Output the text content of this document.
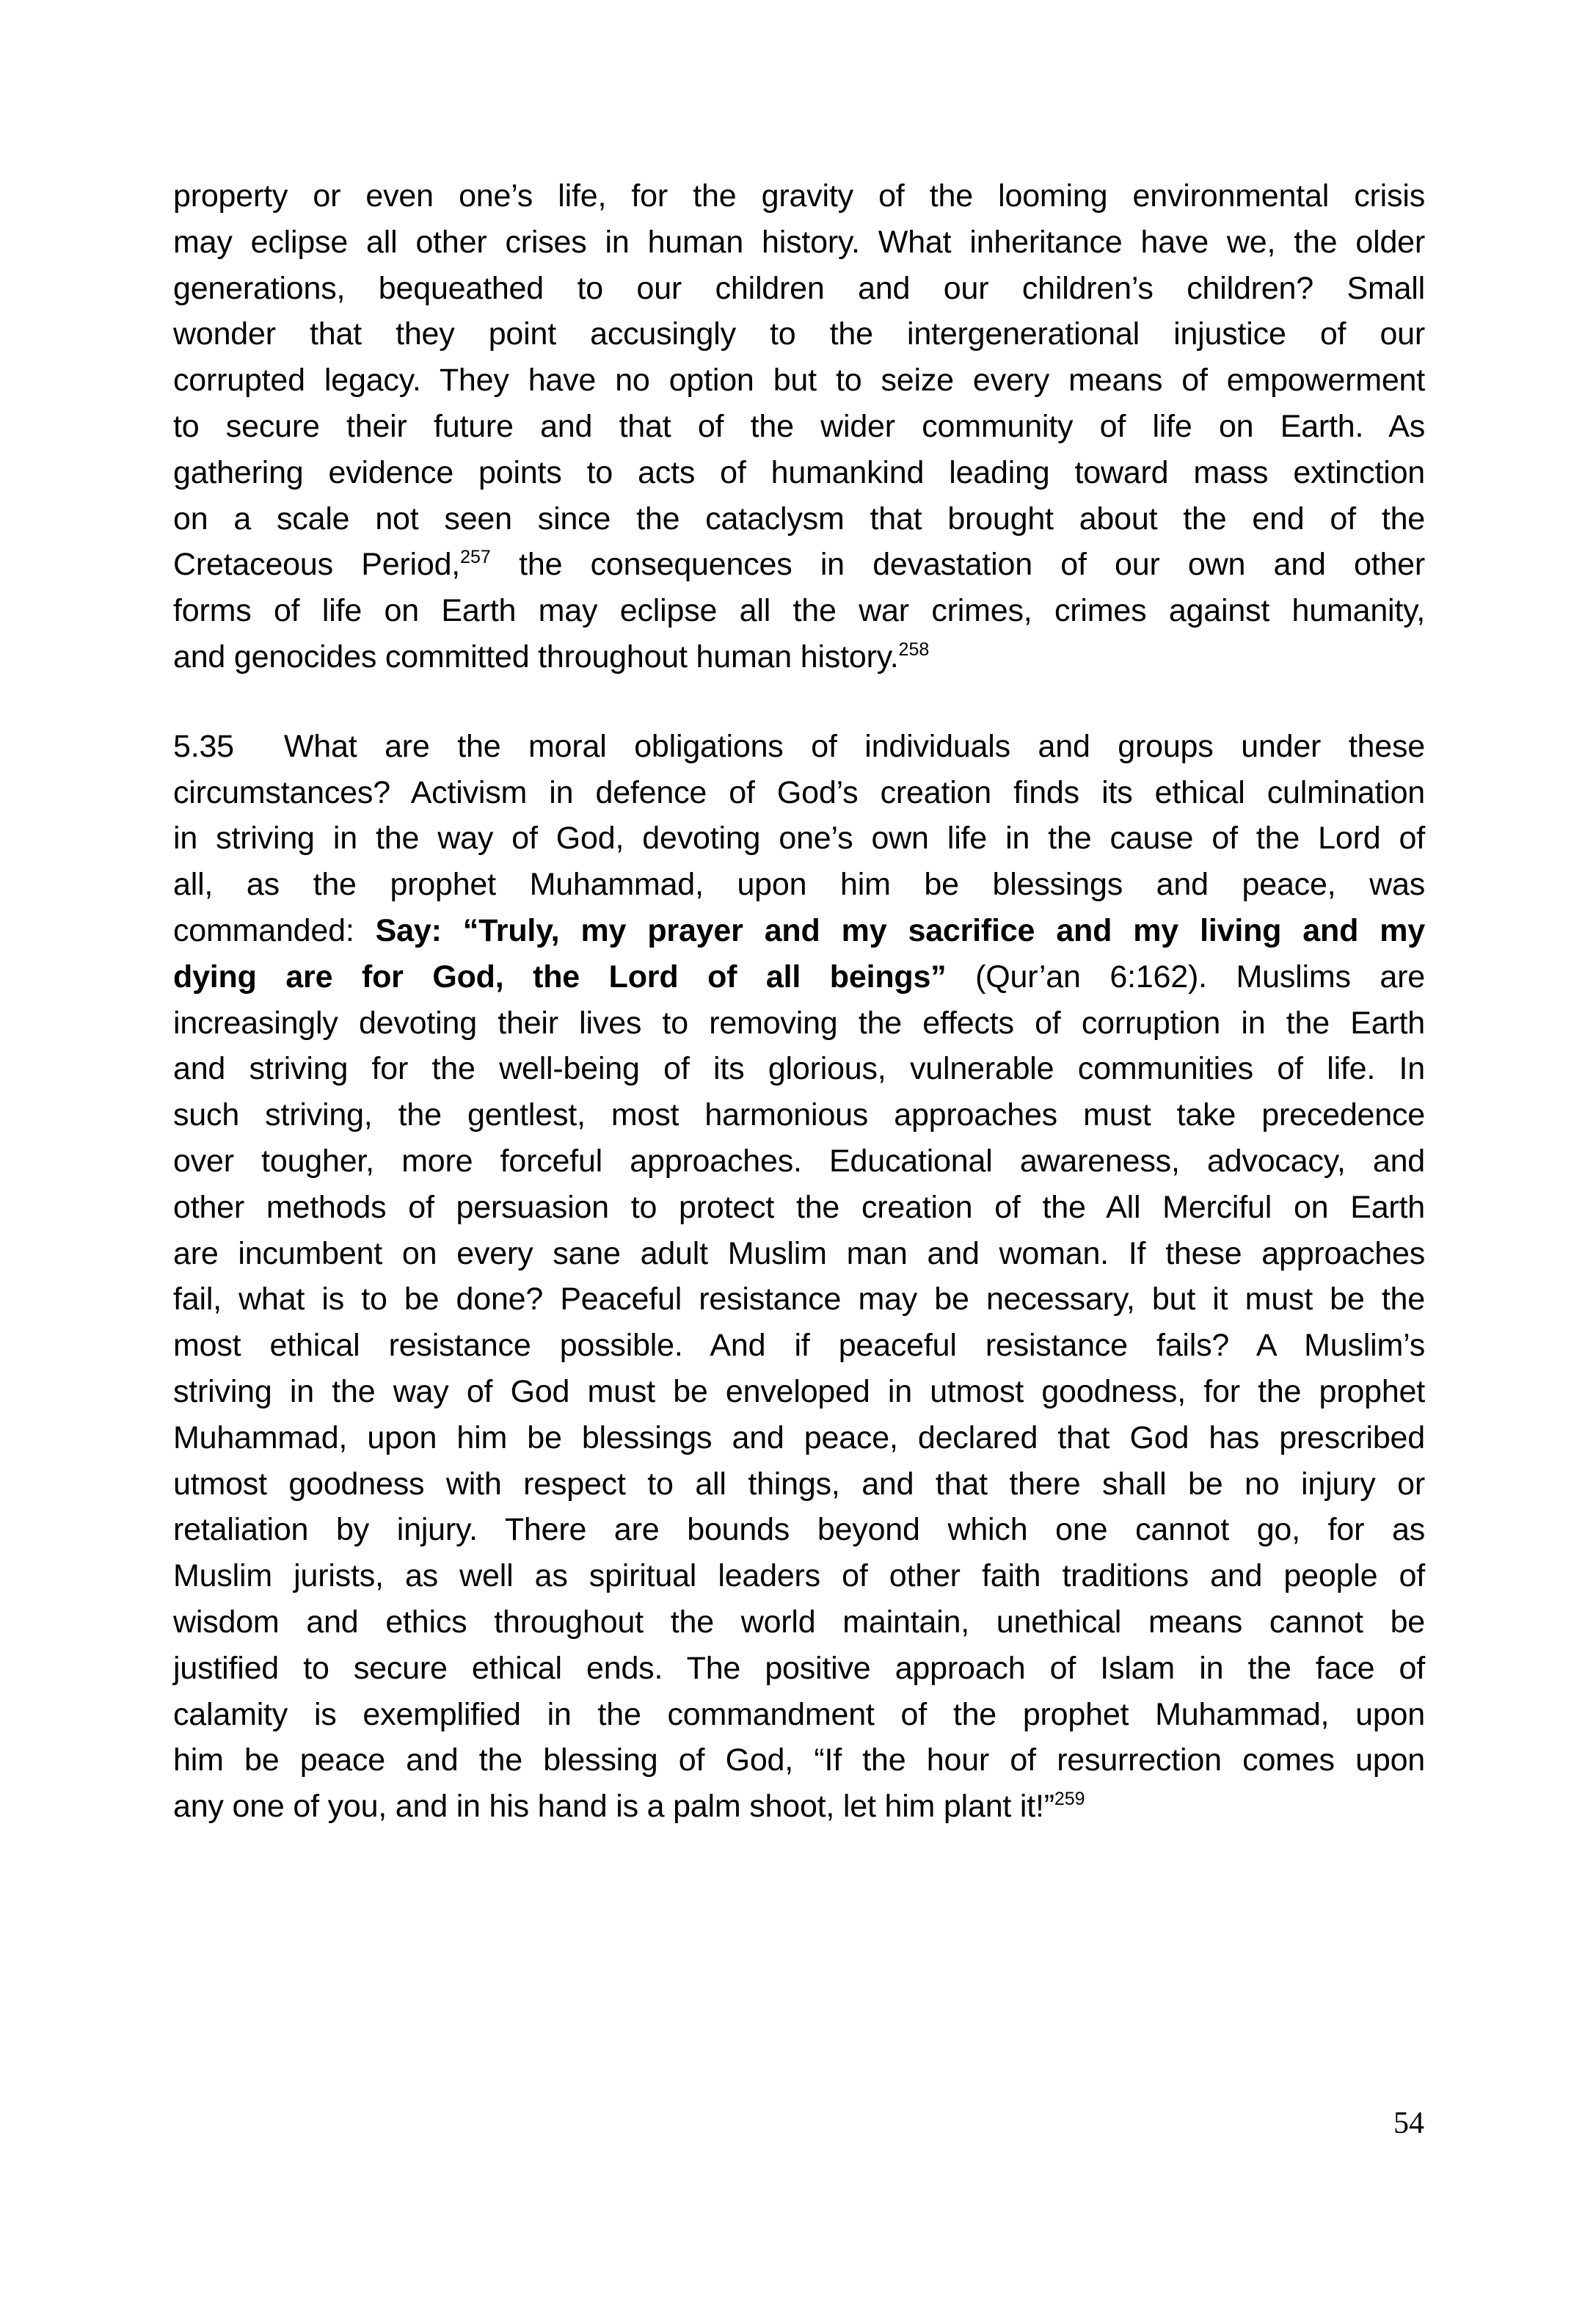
property or even one’s life, for the gravity of the looming environmental crisis
may eclipse all other crises in human history. What inheritance have we, the older
generations, bequeathed to our children and our children’s children? Small
wonder that they point accusingly to the intergenerational injustice of our
corrupted legacy. They have no option but to seize every means of empowerment
to secure their future and that of the wider community of life on Earth. As
gathering evidence points to acts of humankind leading toward mass extinction
on a scale not seen since the cataclysm that brought about the end of the
Cretaceous Period,$^{257}$ the consequences in devastation of our own and other
forms of life on Earth may eclipse all the war crimes, crimes against humanity,
and genocides committed throughout human history.$^{258}$
5.35 What are the moral obligations of individuals and groups under these
circumstances? Activism in defence of God’s creation finds its ethical culmination
in striving in the way of God, devoting one’s own life in the cause of the Lord of
all, as the prophet Muhammad, upon him be blessings and peace, was
commanded: Say: “Truly, my prayer and my sacrifice and my living and my
dying are for God, the Lord of all beings” (Qur’an 6:162). Muslims are
increasingly devoting their lives to removing the effects of corruption in the Earth
and striving for the well-being of its glorious, vulnerable communities of life. In
such striving, the gentlest, most harmonious approaches must take precedence
over tougher, more forceful approaches. Educational awareness, advocacy, and
other methods of persuasion to protect the creation of the All Merciful on Earth
are incumbent on every sane adult Muslim man and woman. If these approaches
fail, what is to be done? Peaceful resistance may be necessary, but it must be the
most ethical resistance possible. And if peaceful resistance fails? A Muslim’s
striving in the way of God must be enveloped in utmost goodness, for the prophet
Muhammad, upon him be blessings and peace, declared that God has prescribed
utmost goodness with respect to all things, and that there shall be no injury or
retaliation by injury. There are bounds beyond which one cannot go, for as
Muslim jurists, as well as spiritual leaders of other faith traditions and people of
wisdom and ethics throughout the world maintain, unethical means cannot be
justified to secure ethical ends. The positive approach of Islam in the face of
calamity is exemplified in the commandment of the prophet Muhammad, upon
him be peace and the blessing of God, “If the hour of resurrection comes upon
any one of you, and in his hand is a palm shoot, let him plant it!”$^{259}$
54
